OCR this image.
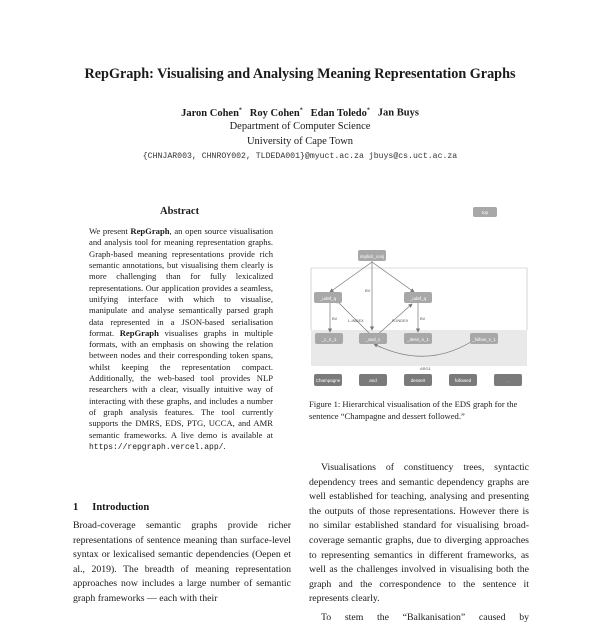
RepGraph: Visualising and Analysing Meaning Representation Graphs
Jaron Cohen* Roy Cohen* Edan Toledo* Jan Buys
Department of Computer Science
University of Cape Town
{CHNJAR003, CHNROY002, TLDEDA001}@myuct.ac.za jbuys@cs.uct.ac.za
Abstract

We present RepGraph, an open source visualisation and analysis tool for meaning representation graphs. Graph-based meaning representations provide rich semantic annotations, but visualising them clearly is more challenging than for fully lexicalized representations. Our application provides a seamless, unifying interface with which to visualise, manipulate and analyse semantically parsed graph data represented in a JSON-based serialisation format. RepGraph visualises graphs in multiple formats, with an emphasis on showing the relation between nodes and their corresponding token spans, whilst keeping the representation compact. Additionally, the web-based tool provides NLP researchers with a clear, visually intuitive way of interacting with these graphs, and includes a number of graph analysis features. The tool currently supports the DMRS, EDS, PTG, UCCA, and AMR semantic frameworks. A live demo is available at https://repgraph.vercel.app/.

1 Introduction

Broad-coverage semantic graphs provide richer representations of sentence meaning than surface-level syntax or lexicalised semantic dependencies (Oepen et al., 2019). The breadth of meaning representation approaches now includes a large number of semantic graph frameworks — each with their

BV
BV	L-INDEX	R-INDEX	BV
ARG1
top
implicit_conj
_udef_q	_udef_q
_c_n_1	_and_c	_dess_n_1	_follow_v_1
Champagne	and	dessert	followed	.
Figure 1: Hierarchical visualisation of the EDS graph for the sentence “Champagne and dessert followed.”

Visualisations of constituency trees, syntactic dependency trees and semantic dependency graphs are well established for teaching, analysing and presenting the outputs of those representations. However there is no similar established standard for visualising broad-coverage semantic graphs, due to diverging approaches to representing semantics in different frameworks, as well as the challenges involved in visualising both the graph and the correspondence to the sentence it represents clearly.

To stem the “Balkanisation” caused by
